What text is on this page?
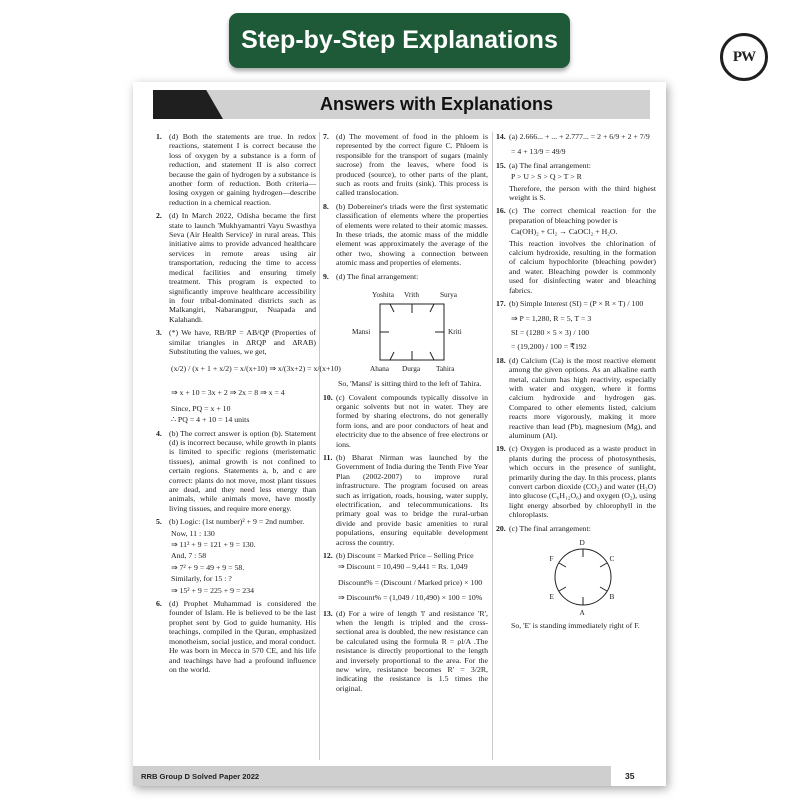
Step-by-Step Explanations
PW
Answers with Explanations
1. (d) Both the statements are true. In redox reactions, statement I is correct because the loss of oxygen by a substance is a form of reduction, and statement II is also correct because the gain of hydrogen by a substance is another form of reduction. Both criteria—losing oxygen or gaining hydrogen—describe reduction in a chemical reaction.
2. (d) In March 2022, Odisha became the first state to launch 'Mukhyamantri Vayu Swasthya Seva (Air Health Service)' in rural areas. This initiative aims to provide advanced healthcare services in remote areas using air transportation, reducing the time to access medical facilities and ensuring timely treatment. This program is expected to significantly improve healthcare accessibility in four tribal-dominated districts such as Malkangiri, Nabarangpur, Nuapada and Kalahandi.
3. (*) We have, RB/RP = AB/QP (Properties of similar triangles in ΔRQP and ΔRAB) Substituting the values, we get,
(x/2) / (x + 1 + x/2) = x/(x+10) ⇒ x/(3x+2) = x/(x+10)
⇒ x + 10 = 3x + 2 ⇒ 2x = 8 ⇒ x = 4
Since, PQ = x + 10
∴ PQ = 4 + 10 = 14 units
4. (b) The correct answer is option (b). Statement (d) is incorrect because, while growth in plants is limited to specific regions (meristematic tissues), animal growth is not confined to certain regions. Statements a, b, and c are correct: plants do not move, most plant tissues are dead, and they need less energy than animals, while animals move, have mostly living tissues, and require more energy.
5. (b) Logic: (1st number)² + 9 = 2nd number.
Now, 11 : 130
⇒ 11² + 9 = 121 + 9 = 130.
And, 7 : 58
⇒ 7² + 9 = 49 + 9 = 58.
Similarly, for 15 : ?
⇒ 15² + 9 = 225 + 9 = 234
6. (d) Prophet Muhammad is considered the founder of Islam. He is believed to be the last prophet sent by God to guide humanity. His teachings, compiled in the Quran, emphasized monotheism, social justice, and moral conduct. He was born in Mecca in 570 CE, and his life and teachings have had a profound influence on the world.
7. (d) The movement of food in the phloem is represented by the correct figure C. Phloem is responsible for the transport of sugars (mainly sucrose) from the leaves, where food is produced (source), to other parts of the plant, such as roots and fruits (sink). This process is called translocation.
8. (b) Dobereiner's triads were the first systematic classification of elements where the properties of elements were related to their atomic masses. In these triads, the atomic mass of the middle element was approximately the average of the other two, showing a connection between atomic mass and properties of elements.
9. (d) The final arrangement:
Yoshita Vrith	Surya
Mansi	Kriti
Ahana Durga Tahira
So, 'Mansi' is sitting third to the left of Tahira.
10. (c) Covalent compounds typically dissolve in organic solvents but not in water. They are formed by sharing electrons, do not generally form ions, and are poor conductors of heat and electricity due to the absence of free electrons or ions.
11. (b) Bharat Nirman was launched by the Government of India during the Tenth Five Year Plan (2002-2007) to improve rural infrastructure. The program focused on areas such as irrigation, roads, housing, water supply, electrification, and telecommunications. Its primary goal was to bridge the rural-urban divide and provide basic amenities to rural populations, ensuring equitable development across the country.
12. (b) Discount = Marked Price – Selling Price
⇒ Discount = 10,490 – 9,441 = Rs. 1,049
Discount% = (Discount / Marked price) × 100
⇒ Discount% = (1,049 / 10,490) × 100 = 10%
13. (d) For a wire of length 'l' and resistance 'R', when the length is tripled and the cross-sectional area is doubled, the new resistance can be calculated using the formula R = ρl/A .The resistance is directly proportional to the length and inversely proportional to the area. For the new wire, resistance becomes R' = 3/2R, indicating the resistance is 1.5 times the original.
14. (a) 2.666... + ... + 2.777... = 2 + 6/9 + 2 + 7/9
= 4 + 13/9 = 49/9
15. (a) The final arrangement:
P > U > S > Q > T > R
Therefore, the person with the third highest weight is S.
16. (c) The correct chemical reaction for the preparation of bleaching powder is
Ca(OH)₂ + Cl₂ → CaOCl₂ + H₂O.
This reaction involves the chlorination of calcium hydroxide, resulting in the formation of calcium hypochlorite (bleaching powder) and water. Bleaching powder is commonly used for disinfecting water and bleaching fabrics.
17. (b) Simple Interest (SI) = (P × R × T) / 100
⇒ P = 1,280, R = 5, T = 3
SI = (1280 × 5 × 3) / 100
= (19,200) / 100 = ₹192
18. (d) Calcium (Ca) is the most reactive element among the given options. As an alkaline earth metal, calcium has high reactivity, especially with water and oxygen, where it forms calcium hydroxide and hydrogen gas. Compared to other elements listed, calcium reacts more vigorously, making it more reactive than lead (Pb), magnesium (Mg), and aluminum (Al).
19. (c) Oxygen is produced as a waste product in plants during the process of photosynthesis, which occurs in the presence of sunlight, primarily during the day. In this process, plants convert carbon dioxide (CO₂) and water (H₂O) into glucose (C₆H₁₂O₆) and oxygen (O₂), using light energy absorbed by chlorophyll in the chloroplasts.
20. (c) The final arrangement:
D
C
B
A
E
F
So, 'E' is standing immediately right of F.
RRB Group D Solved Paper 2022	35
